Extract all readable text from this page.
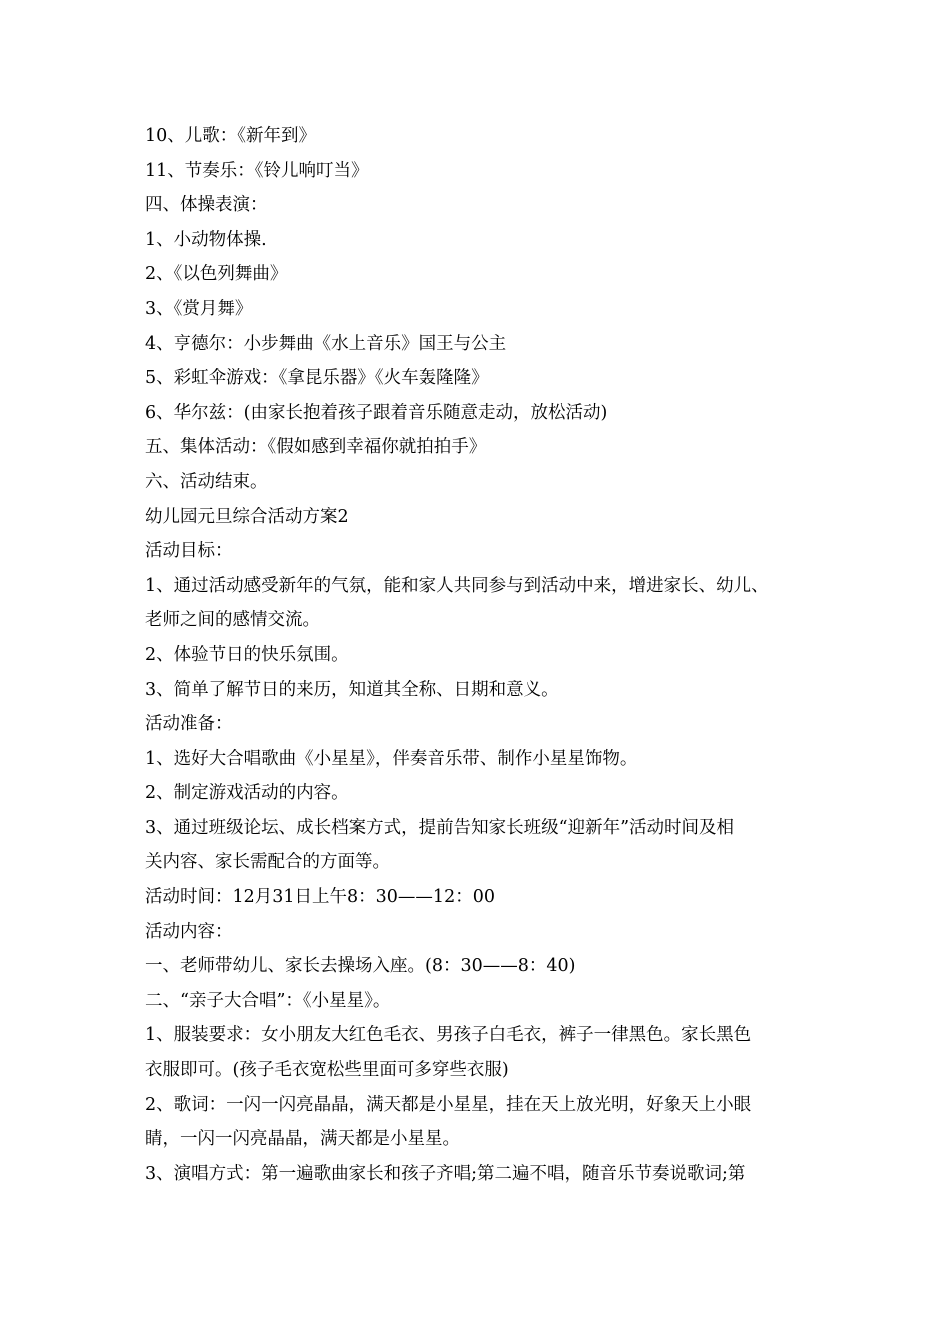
10、儿歌：《新年到》
11、节奏乐：《铃儿响叮当》
四、体操表演：
1、小动物体操.
2、《以色列舞曲》
3、《赏月舞》
4、亨德尔：小步舞曲《水上音乐》国王与公主
5、彩虹伞游戏：《拿昆乐器》《火车轰隆隆》
6、华尔兹：(由家长抱着孩子跟着音乐随意走动，放松活动)
五、集体活动：《假如感到幸福你就拍拍手》
六、活动结束。
幼儿园元旦综合活动方案2
活动目标：
1、通过活动感受新年的气氛，能和家人共同参与到活动中来，增进家长、幼儿、
老师之间的感情交流。
2、体验节日的快乐氛围。
3、简单了解节日的来历，知道其全称、日期和意义。
活动准备：
1、选好大合唱歌曲《小星星》，伴奏音乐带、制作小星星饰物。
2、制定游戏活动的内容。
3、通过班级论坛、成长档案方式，提前告知家长班级“迎新年”活动时间及相
关内容、家长需配合的方面等。
活动时间：12月31日上午8：30——12：00
活动内容：
一、老师带幼儿、家长去操场入座。(8：30——8：40)
二、“亲子大合唱”：《小星星》。
1、服装要求：女小朋友大红色毛衣、男孩子白毛衣，裤子一律黑色。家长黑色
衣服即可。(孩子毛衣宽松些里面可多穿些衣服)
2、歌词：一闪一闪亮晶晶，满天都是小星星，挂在天上放光明，好象天上小眼
睛，一闪一闪亮晶晶，满天都是小星星。
3、演唱方式：第一遍歌曲家长和孩子齐唱;第二遍不唱，随音乐节奏说歌词;第
